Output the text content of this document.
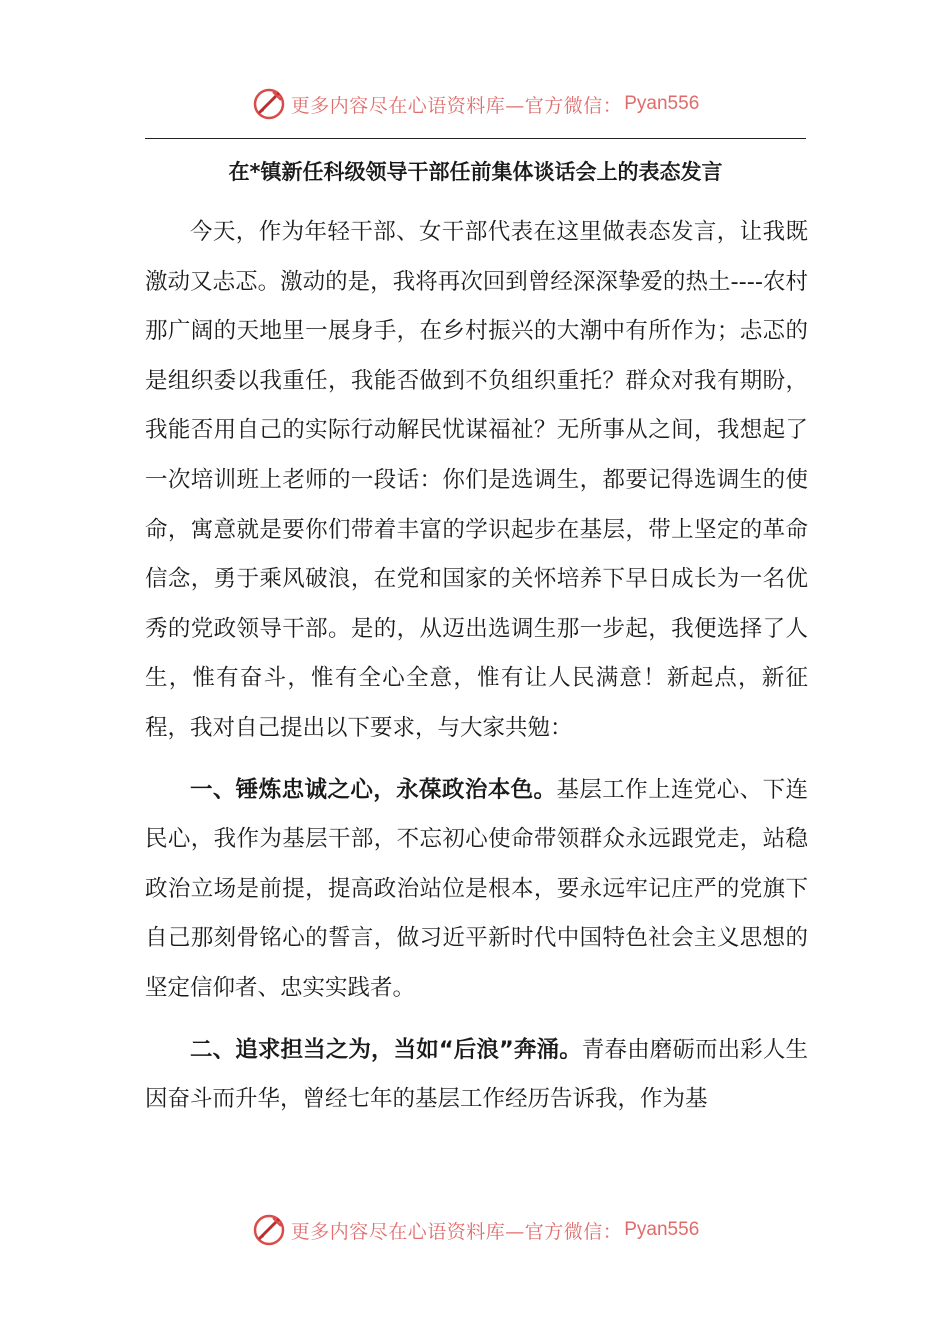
更多内容尽在心语资料库—官方微信： Pyan556
在*镇新任科级领导干部任前集体谈话会上的表态发言

今天，作为年轻干部、女干部代表在这里做表态发言，让我既激动又忐忑。激动的是，我将再次回到曾经深深挚爱的热土----农村那广阔的天地里一展身手，在乡村振兴的大潮中有所作为；忐忑的是组织委以我重任，我能否做到不负组织重托？群众对我有期盼，我能否用自己的实际行动解民忧谋福祉？无所事从之间，我想起了一次培训班上老师的一段话：你们是选调生，都要记得选调生的使命，寓意就是要你们带着丰富的学识起步在基层，带上坚定的革命信念，勇于乘风破浪，在党和国家的关怀培养下早日成长为一名优秀的党政领导干部。是的，从迈出选调生那一步起，我便选择了人生，惟有奋斗，惟有全心全意，惟有让人民满意！新起点，新征程，我对自己提出以下要求，与大家共勉：

一、锤炼忠诚之心，永葆政治本色。基层工作上连党心、下连民心，我作为基层干部，不忘初心使命带领群众永远跟党走，站稳政治立场是前提，提高政治站位是根本，要永远牢记庄严的党旗下自己那刻骨铭心的誓言，做习近平新时代中国特色社会主义思想的坚定信仰者、忠实实践者。

二、追求担当之为，当如“后浪”奔涌。青春由磨砺而出彩人生因奋斗而升华，曾经七年的基层工作经历告诉我，作为基

更多内容尽在心语资料库—官方微信： Pyan556
